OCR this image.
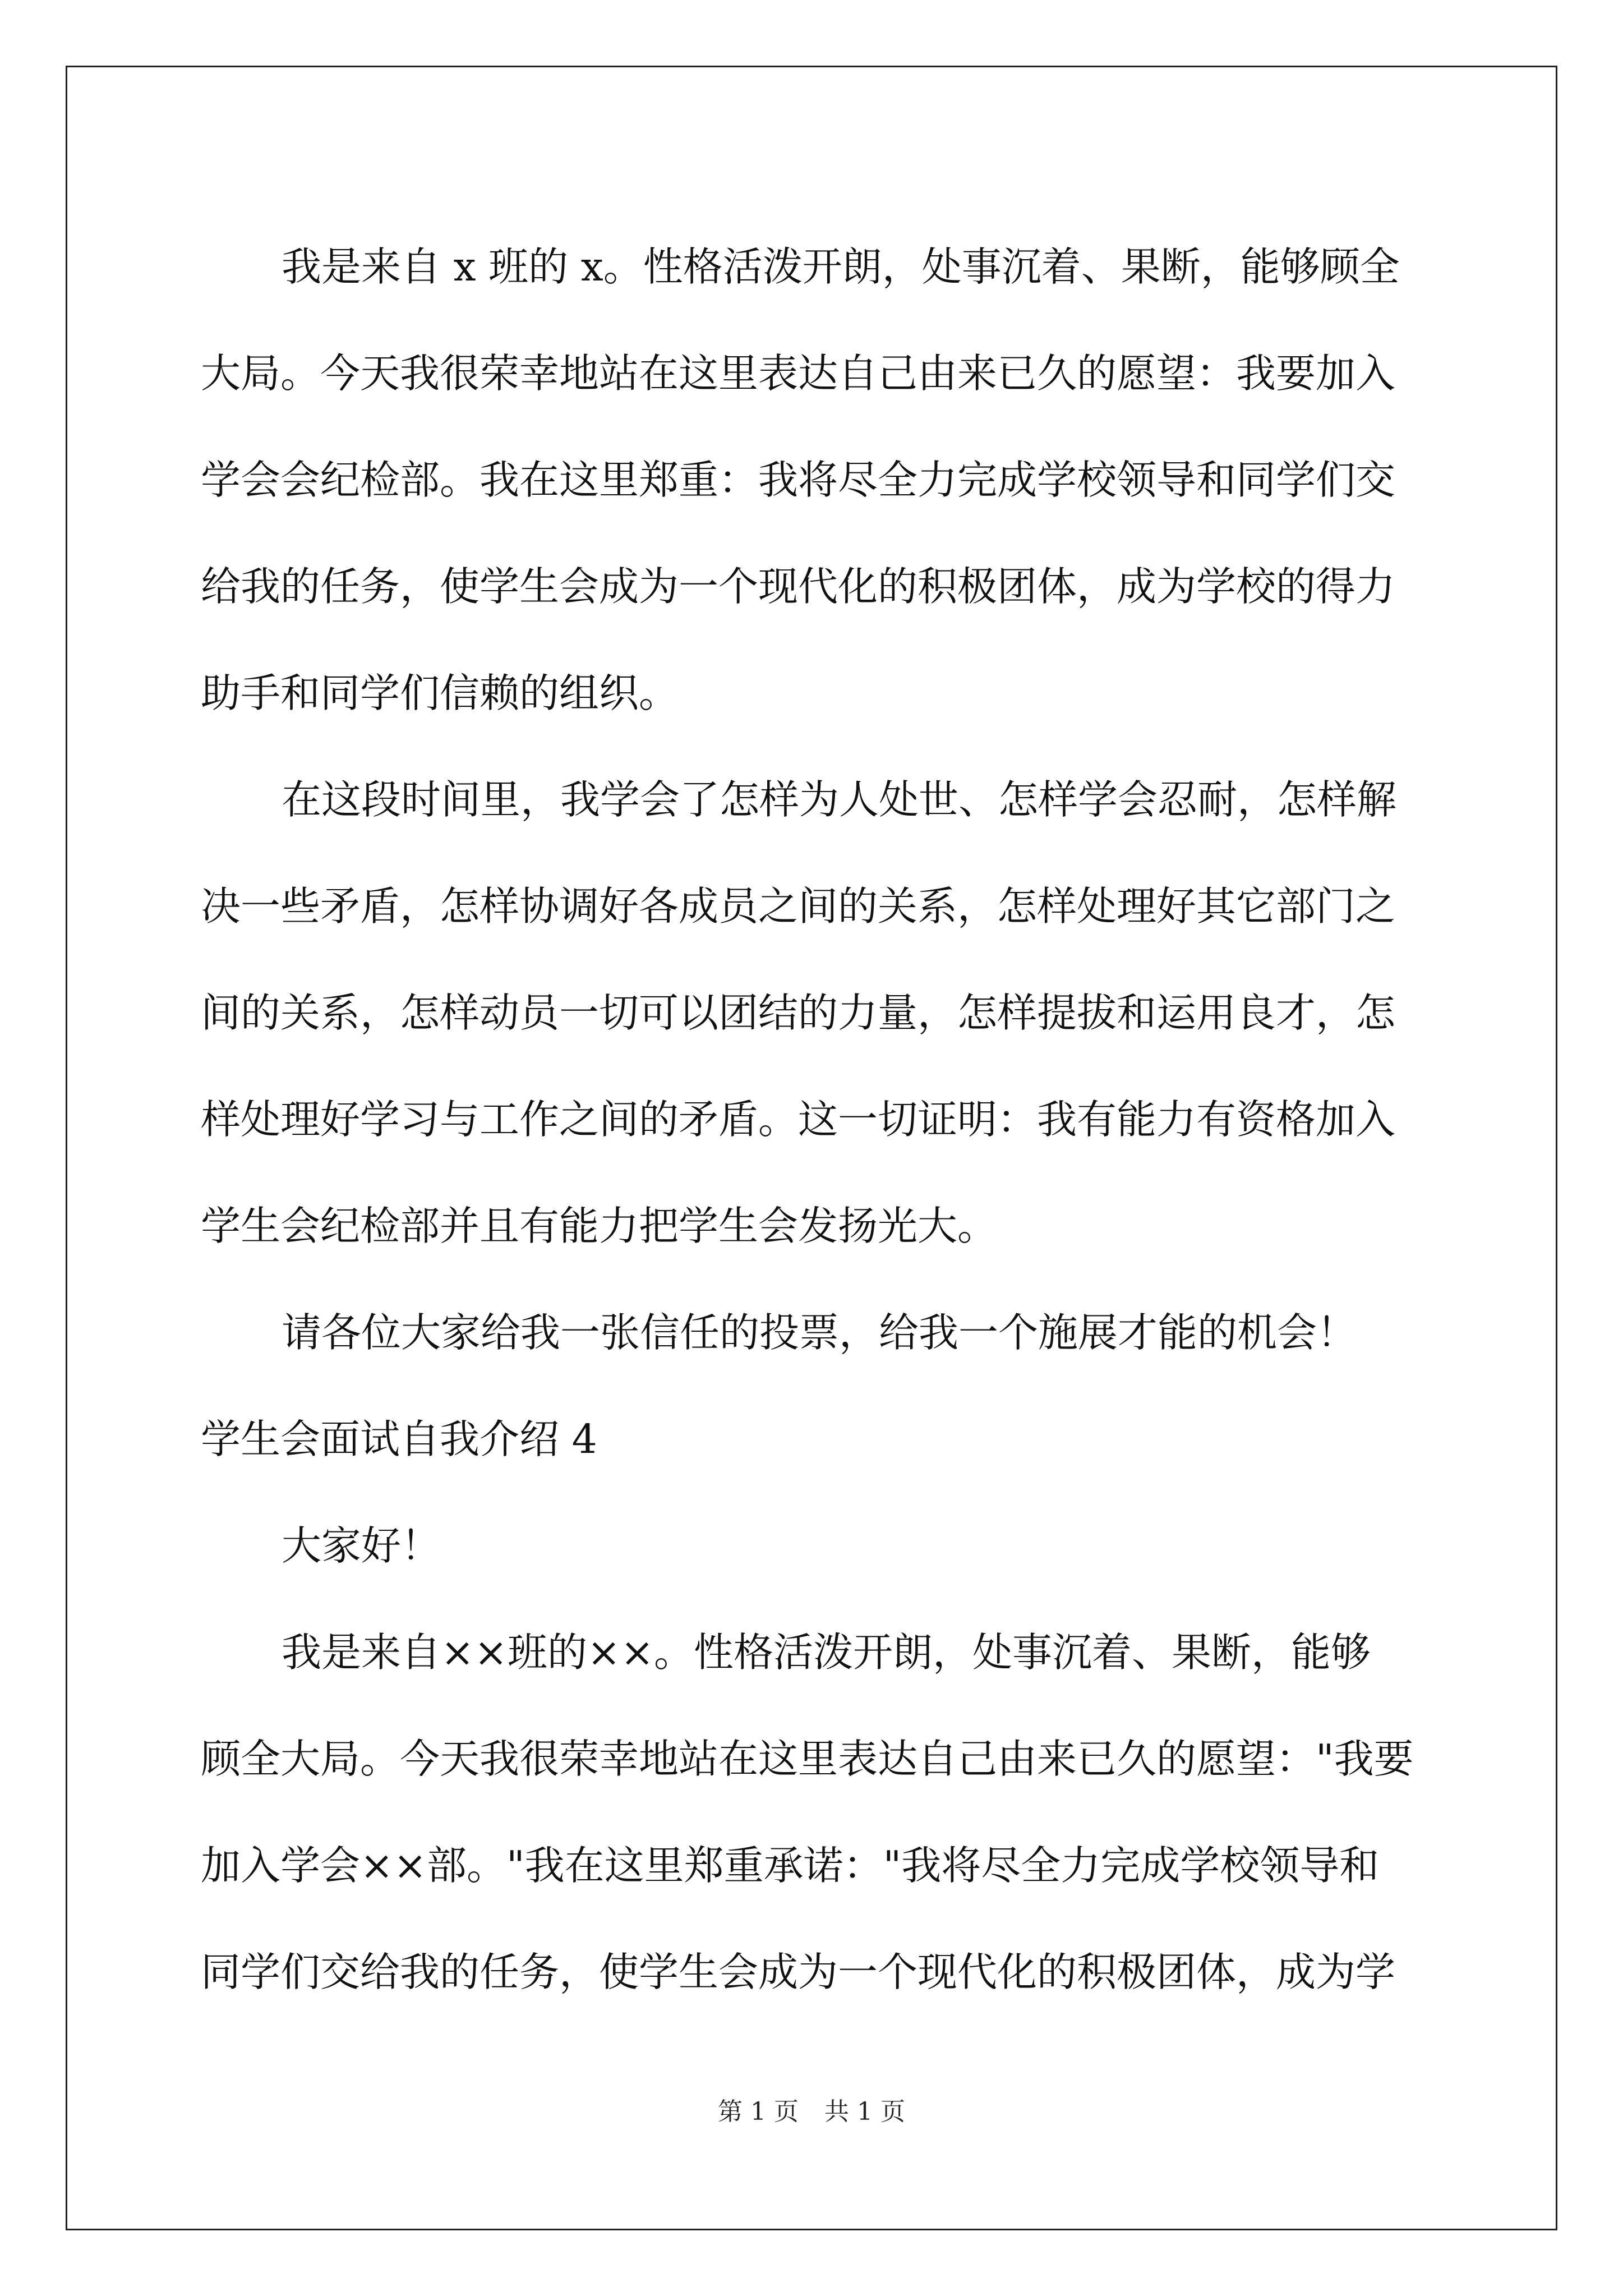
我是来自 x 班的 x。性格活泼开朗，处事沉着、果断，能够顾全
大局。今天我很荣幸地站在这里表达自己由来已久的愿望：我要加入
学会会纪检部。我在这里郑重：我将尽全力完成学校领导和同学们交
给我的任务，使学生会成为一个现代化的积极团体，成为学校的得力
助手和同学们信赖的组织。
在这段时间里，我学会了怎样为人处世、怎样学会忍耐，怎样解
决一些矛盾，怎样协调好各成员之间的关系，怎样处理好其它部门之
间的关系，怎样动员一切可以团结的力量，怎样提拔和运用良才，怎
样处理好学习与工作之间的矛盾。这一切证明：我有能力有资格加入
学生会纪检部并且有能力把学生会发扬光大。
请各位大家给我一张信任的投票，给我一个施展才能的机会！
学生会面试自我介绍 4
大家好！
我是来自××班的××。性格活泼开朗，处事沉着、果断，能够
顾全大局。今天我很荣幸地站在这里表达自己由来已久的愿望："我要
加入学会××部。"我在这里郑重承诺："我将尽全力完成学校领导和
同学们交给我的任务，使学生会成为一个现代化的积极团体，成为学
第 1 页 共 1 页
